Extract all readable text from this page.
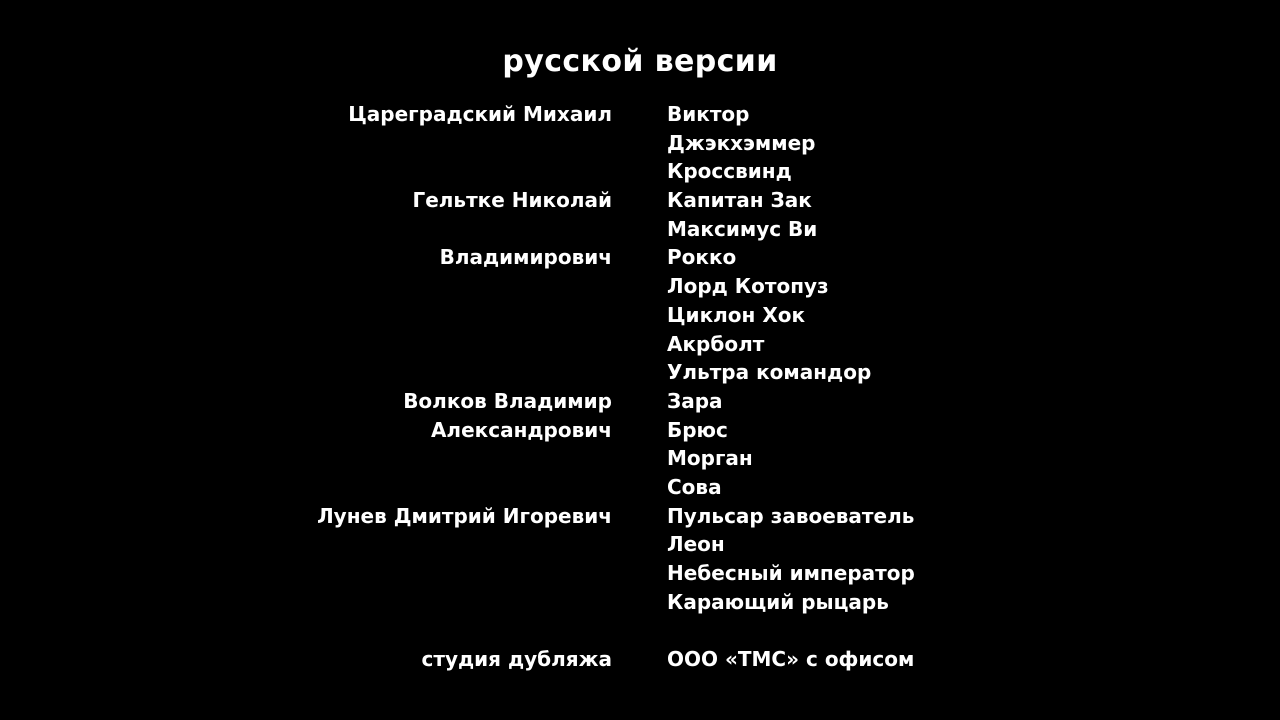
русской версии
Цареградский Михаил	Виктор
Джэкхэммер
Кроссвинд
Гельтке Николай	Капитан Зак
Максимус Ви
Владимирович	Рокко
Лорд Котопуз
Циклон Хок
Акрболт
Ультра командор
Волков Владимир	Зара
Александрович	Брюс
Морган
Сова
Лунев Дмитрий Игоревич	Пульсар завоеватель
Леон
Небесный император
Карающий рыцарь
студия дубляжа	ООО «ТМС» с офисом
